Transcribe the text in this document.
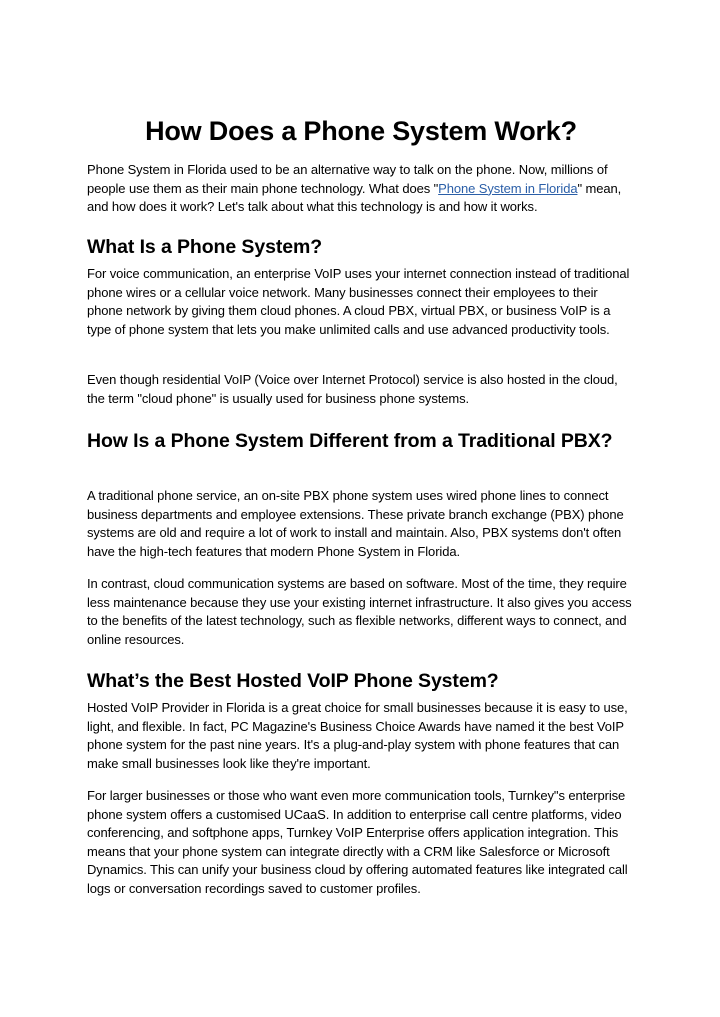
How Does a Phone System Work?

Phone System in Florida used to be an alternative way to talk on the phone. Now, millions of people use them as their main phone technology. What does "Phone System in Florida" mean, and how does it work? Let's talk about what this technology is and how it works.

What Is a Phone System?

For voice communication, an enterprise VoIP uses your internet connection instead of traditional phone wires or a cellular voice network. Many businesses connect their employees to their phone network by giving them cloud phones. A cloud PBX, virtual PBX, or business VoIP is a type of phone system that lets you make unlimited calls and use advanced productivity tools.

Even though residential VoIP (Voice over Internet Protocol) service is also hosted in the cloud, the term "cloud phone" is usually used for business phone systems.

How Is a Phone System Different from a Traditional PBX?

A traditional phone service, an on-site PBX phone system uses wired phone lines to connect business departments and employee extensions. These private branch exchange (PBX) phone systems are old and require a lot of work to install and maintain. Also, PBX systems don't often have the high-tech features that modern Phone System in Florida.

In contrast, cloud communication systems are based on software. Most of the time, they require less maintenance because they use your existing internet infrastructure. It also gives you access to the benefits of the latest technology, such as flexible networks, different ways to connect, and online resources.

What’s the Best Hosted VoIP Phone System?

Hosted VoIP Provider in Florida is a great choice for small businesses because it is easy to use, light, and flexible. In fact, PC Magazine's Business Choice Awards have named it the best VoIP phone system for the past nine years. It's a plug-and-play system with phone features that can make small businesses look like they're important.

For larger businesses or those who want even more communication tools, Turnkey"s enterprise phone system offers a customised UCaaS. In addition to enterprise call centre platforms, video conferencing, and softphone apps, Turnkey VoIP Enterprise offers application integration. This means that your phone system can integrate directly with a CRM like Salesforce or Microsoft Dynamics. This can unify your business cloud by offering automated features like integrated call logs or conversation recordings saved to customer profiles.
